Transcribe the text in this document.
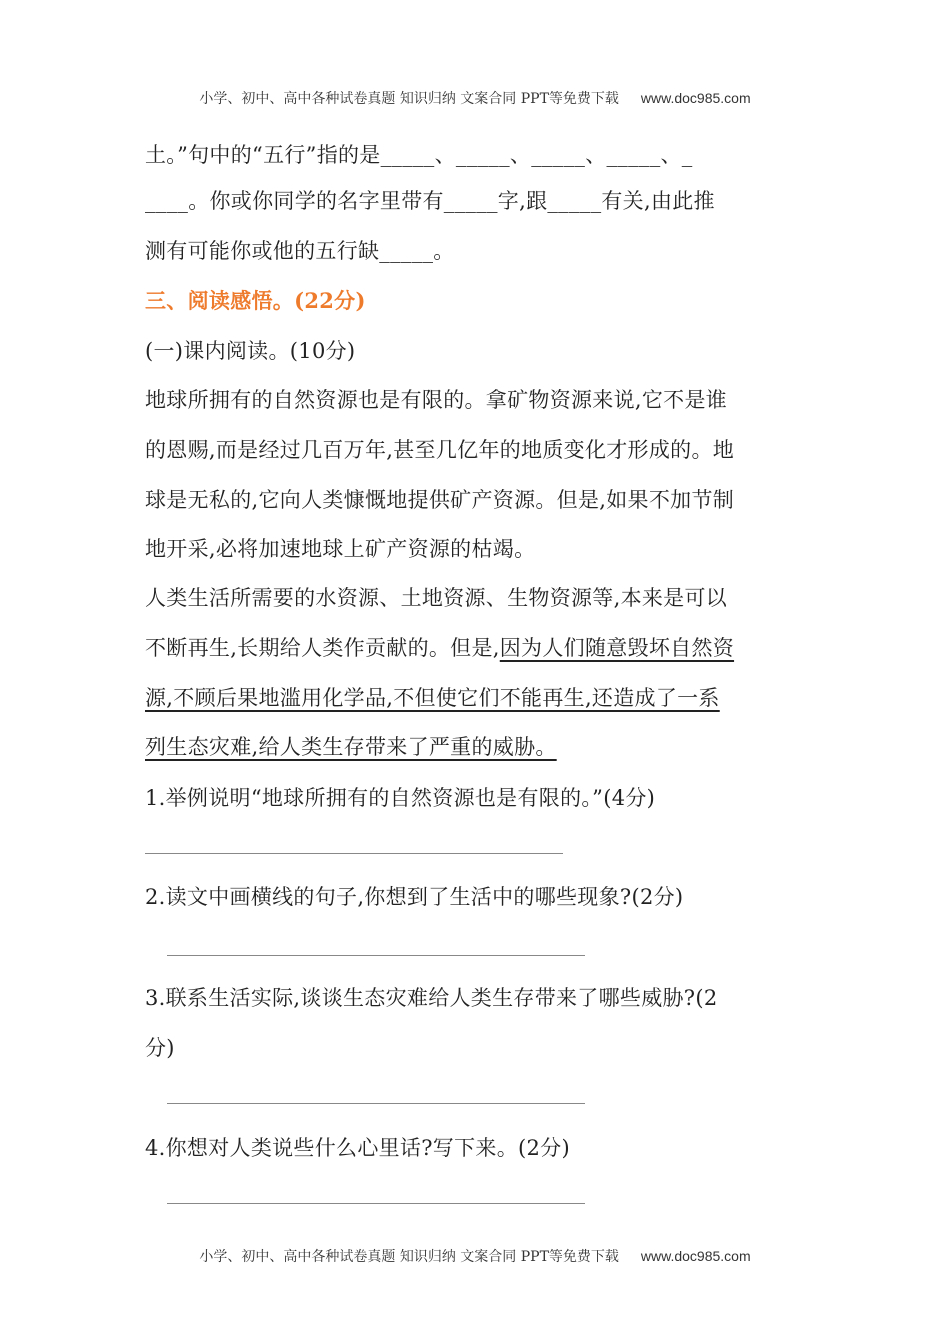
小学、初中、高中各种试卷真题 知识归纳 文案合同 PPT等免费下载 www.doc985.com
土。”句中的“五行”指的是_____、_____、_____、_____、_
____。你或你同学的名字里带有_____字,跟_____有关,由此推
测有可能你或他的五行缺_____。
三、阅读感悟。(22分)
(一)课内阅读。(10分)
地球所拥有的自然资源也是有限的。拿矿物资源来说,它不是谁
的恩赐,而是经过几百万年,甚至几亿年的地质变化才形成的。地
球是无私的,它向人类慷慨地提供矿产资源。但是,如果不加节制
地开采,必将加速地球上矿产资源的枯竭。
人类生活所需要的水资源、土地资源、生物资源等,本来是可以
不断再生,长期给人类作贡献的。但是,因为人们随意毁坏自然资
源,不顾后果地滥用化学品,不但使它们不能再生,还造成了一系
列生态灾难,给人类生存带来了严重的威胁。
1.举例说明“地球所拥有的自然资源也是有限的。”(4分)
2.读文中画横线的句子,你想到了生活中的哪些现象?(2分)
3.联系生活实际,谈谈生态灾难给人类生存带来了哪些威胁?(2
分)
4.你想对人类说些什么心里话?写下来。(2分)
小学、初中、高中各种试卷真题 知识归纳 文案合同 PPT等免费下载 www.doc985.com
